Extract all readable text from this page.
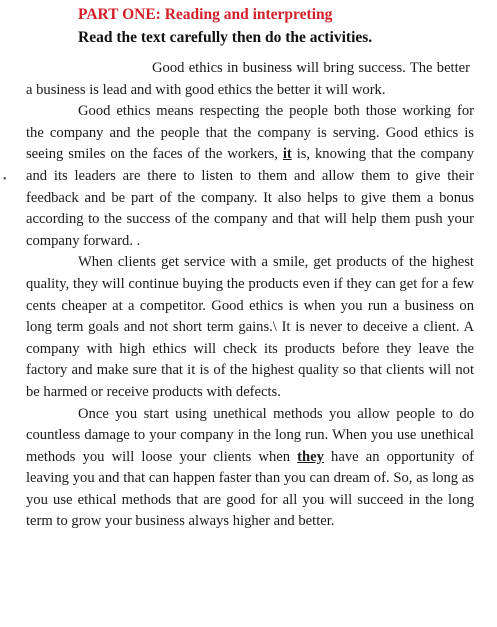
PART ONE: Reading and interpreting
Read the text carefully then do the activities.
•

Good ethics in business will bring success. The better a business is lead and with good ethics the better it will work.

Good ethics means respecting the people both those working for the company and the people that the company is serving. Good ethics is seeing smiles on the faces of the workers, it is, knowing that the company and its leaders are there to listen to them and allow them to give their feedback and be part of the company. It also helps to give them a bonus according to the success of the company and that will help them push your company forward. .

When clients get service with a smile, get products of the highest quality, they will continue buying the products even if they can get for a few cents cheaper at a competitor. Good ethics is when you run a business on long term goals and not short term gains.\ It is never to deceive a client. A company with high ethics will check its products before they leave the factory and make sure that it is of the highest quality so that clients will not be harmed or receive products with defects.

Once you start using unethical methods you allow people to do countless damage to your company in the long run. When you use unethical methods you will loose your clients when they have an opportunity of leaving you and that can happen faster than you can dream of. So, as long as you use ethical methods that are good for all you will succeed in the long term to grow your business always higher and better.
